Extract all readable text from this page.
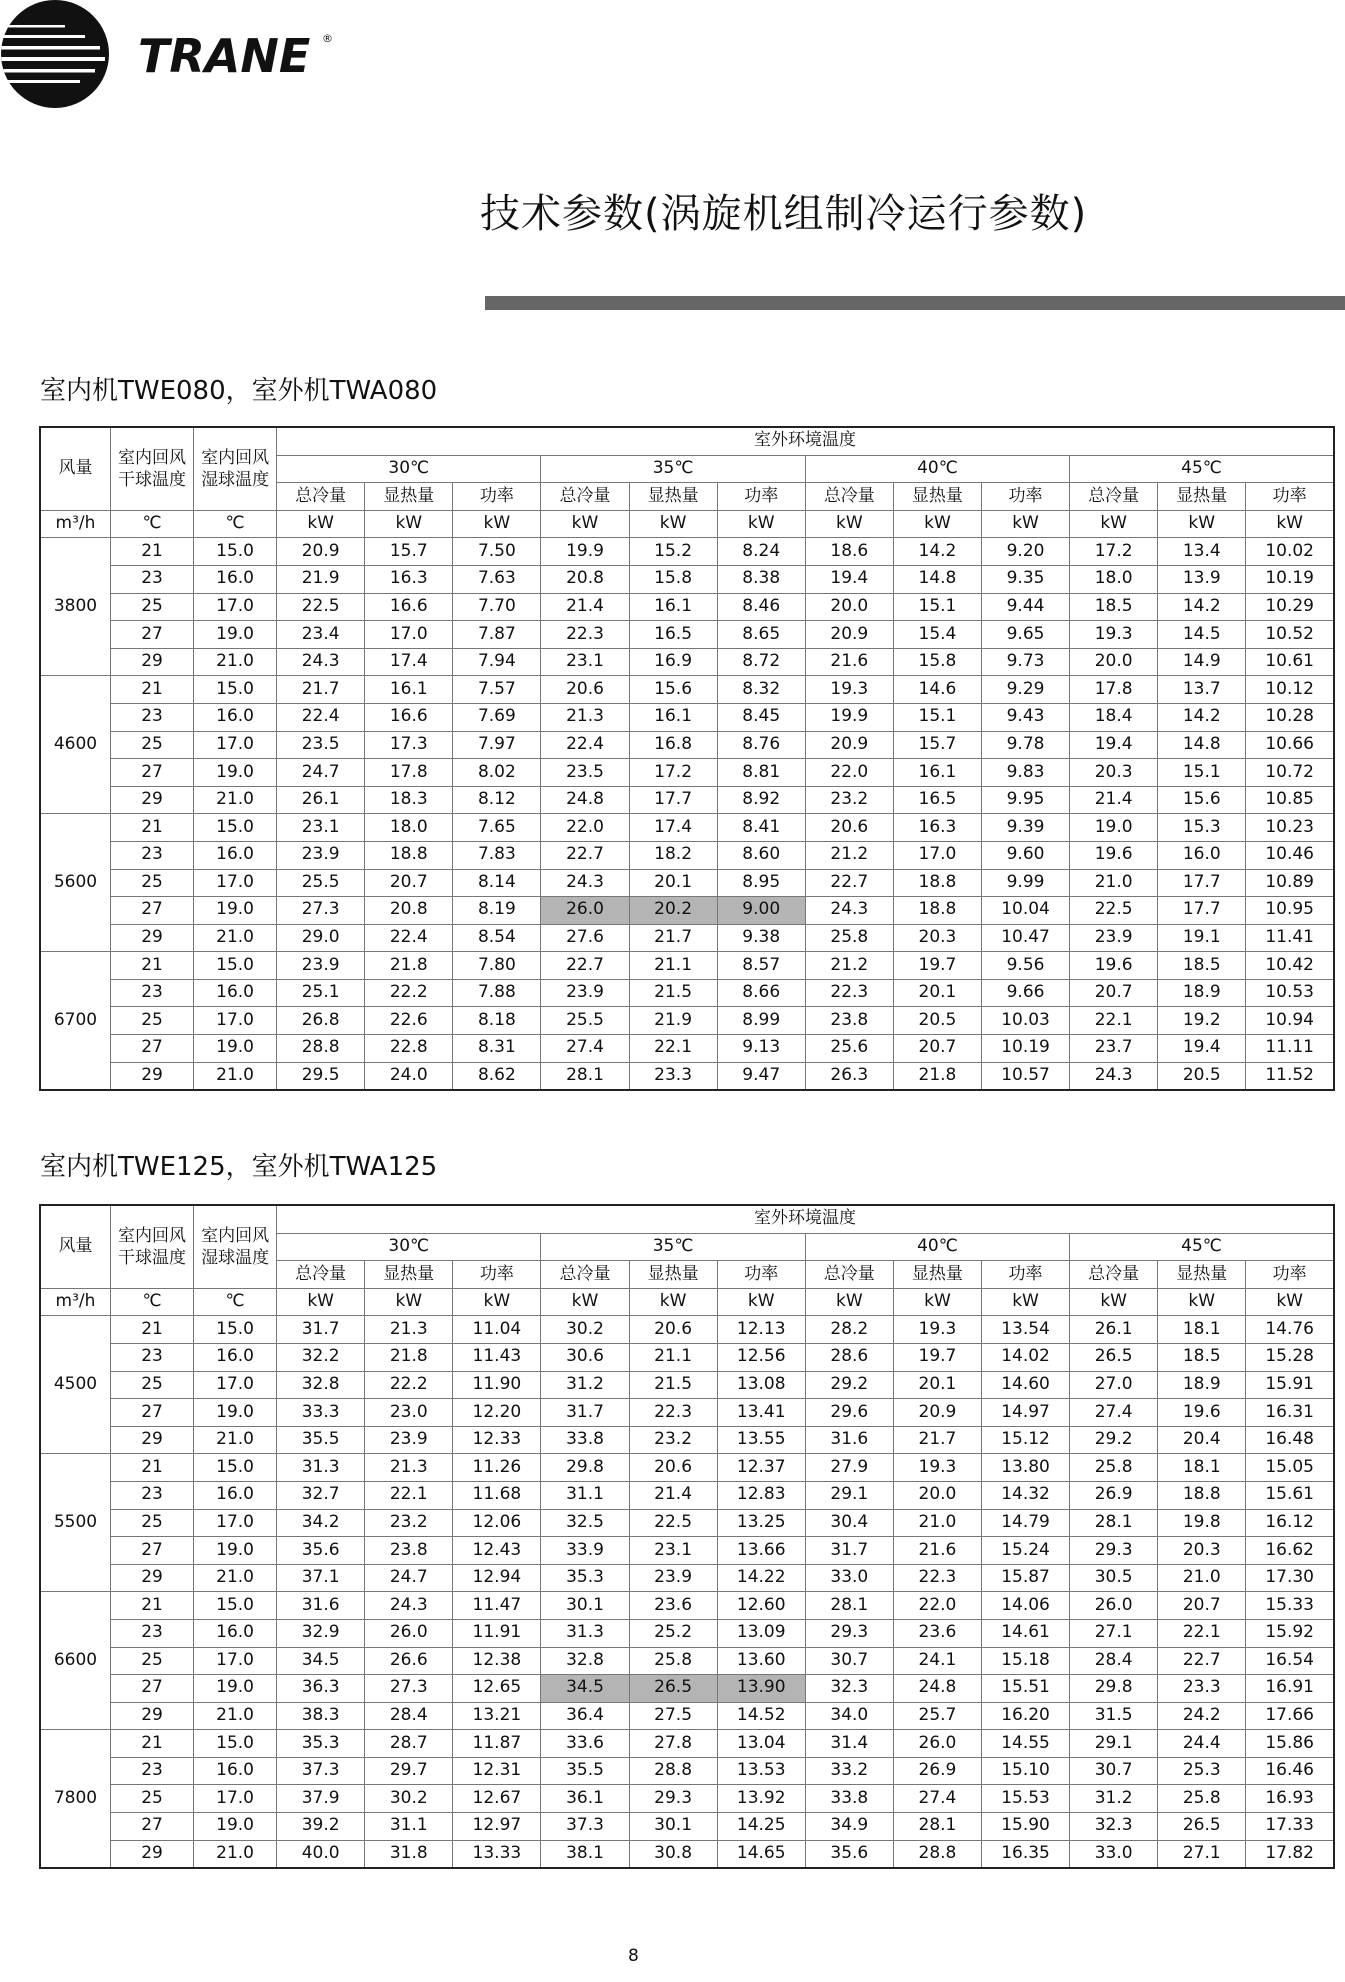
TRANE ®
技术参数(涡旋机组制冷运行参数)
室内机TWE080，室外机TWA080
风量	室内回风干球温度	室内回风湿球温度	室外环境温度											
			30℃			35℃			40℃			45℃		
			总冷量	显热量	功率	总冷量	显热量	功率	总冷量	显热量	功率	总冷量	显热量	功率
m³/h	℃	℃	kW	kW	kW	kW	kW	kW	kW	kW	kW	kW	kW	kW
3800	21	15.0	20.9	15.7	7.50	19.9	15.2	8.24	18.6	14.2	9.20	17.2	13.4	10.02
	23	16.0	21.9	16.3	7.63	20.8	15.8	8.38	19.4	14.8	9.35	18.0	13.9	10.19
	25	17.0	22.5	16.6	7.70	21.4	16.1	8.46	20.0	15.1	9.44	18.5	14.2	10.29
	27	19.0	23.4	17.0	7.87	22.3	16.5	8.65	20.9	15.4	9.65	19.3	14.5	10.52
	29	21.0	24.3	17.4	7.94	23.1	16.9	8.72	21.6	15.8	9.73	20.0	14.9	10.61
4600	21	15.0	21.7	16.1	7.57	20.6	15.6	8.32	19.3	14.6	9.29	17.8	13.7	10.12
	23	16.0	22.4	16.6	7.69	21.3	16.1	8.45	19.9	15.1	9.43	18.4	14.2	10.28
	25	17.0	23.5	17.3	7.97	22.4	16.8	8.76	20.9	15.7	9.78	19.4	14.8	10.66
	27	19.0	24.7	17.8	8.02	23.5	17.2	8.81	22.0	16.1	9.83	20.3	15.1	10.72
	29	21.0	26.1	18.3	8.12	24.8	17.7	8.92	23.2	16.5	9.95	21.4	15.6	10.85
5600	21	15.0	23.1	18.0	7.65	22.0	17.4	8.41	20.6	16.3	9.39	19.0	15.3	10.23
	23	16.0	23.9	18.8	7.83	22.7	18.2	8.60	21.2	17.0	9.60	19.6	16.0	10.46
	25	17.0	25.5	20.7	8.14	24.3	20.1	8.95	22.7	18.8	9.99	21.0	17.7	10.89
	27	19.0	27.3	20.8	8.19	26.0	20.2	9.00	24.3	18.8	10.04	22.5	17.7	10.95
	29	21.0	29.0	22.4	8.54	27.6	21.7	9.38	25.8	20.3	10.47	23.9	19.1	11.41
6700	21	15.0	23.9	21.8	7.80	22.7	21.1	8.57	21.2	19.7	9.56	19.6	18.5	10.42
	23	16.0	25.1	22.2	7.88	23.9	21.5	8.66	22.3	20.1	9.66	20.7	18.9	10.53
	25	17.0	26.8	22.6	8.18	25.5	21.9	8.99	23.8	20.5	10.03	22.1	19.2	10.94
	27	19.0	28.8	22.8	8.31	27.4	22.1	9.13	25.6	20.7	10.19	23.7	19.4	11.11
	29	21.0	29.5	24.0	8.62	28.1	23.3	9.47	26.3	21.8	10.57	24.3	20.5	11.52
室内机TWE125，室外机TWA125
风量	室内回风干球温度	室内回风湿球温度	室外环境温度											
			30℃			35℃			40℃			45℃		
			总冷量	显热量	功率	总冷量	显热量	功率	总冷量	显热量	功率	总冷量	显热量	功率
m³/h	℃	℃	kW	kW	kW	kW	kW	kW	kW	kW	kW	kW	kW	kW
4500	21	15.0	31.7	21.3	11.04	30.2	20.6	12.13	28.2	19.3	13.54	26.1	18.1	14.76
	23	16.0	32.2	21.8	11.43	30.6	21.1	12.56	28.6	19.7	14.02	26.5	18.5	15.28
	25	17.0	32.8	22.2	11.90	31.2	21.5	13.08	29.2	20.1	14.60	27.0	18.9	15.91
	27	19.0	33.3	23.0	12.20	31.7	22.3	13.41	29.6	20.9	14.97	27.4	19.6	16.31
	29	21.0	35.5	23.9	12.33	33.8	23.2	13.55	31.6	21.7	15.12	29.2	20.4	16.48
5500	21	15.0	31.3	21.3	11.26	29.8	20.6	12.37	27.9	19.3	13.80	25.8	18.1	15.05
	23	16.0	32.7	22.1	11.68	31.1	21.4	12.83	29.1	20.0	14.32	26.9	18.8	15.61
	25	17.0	34.2	23.2	12.06	32.5	22.5	13.25	30.4	21.0	14.79	28.1	19.8	16.12
	27	19.0	35.6	23.8	12.43	33.9	23.1	13.66	31.7	21.6	15.24	29.3	20.3	16.62
	29	21.0	37.1	24.7	12.94	35.3	23.9	14.22	33.0	22.3	15.87	30.5	21.0	17.30
6600	21	15.0	31.6	24.3	11.47	30.1	23.6	12.60	28.1	22.0	14.06	26.0	20.7	15.33
	23	16.0	32.9	26.0	11.91	31.3	25.2	13.09	29.3	23.6	14.61	27.1	22.1	15.92
	25	17.0	34.5	26.6	12.38	32.8	25.8	13.60	30.7	24.1	15.18	28.4	22.7	16.54
	27	19.0	36.3	27.3	12.65	34.5	26.5	13.90	32.3	24.8	15.51	29.8	23.3	16.91
	29	21.0	38.3	28.4	13.21	36.4	27.5	14.52	34.0	25.7	16.20	31.5	24.2	17.66
7800	21	15.0	35.3	28.7	11.87	33.6	27.8	13.04	31.4	26.0	14.55	29.1	24.4	15.86
	23	16.0	37.3	29.7	12.31	35.5	28.8	13.53	33.2	26.9	15.10	30.7	25.3	16.46
	25	17.0	37.9	30.2	12.67	36.1	29.3	13.92	33.8	27.4	15.53	31.2	25.8	16.93
	27	19.0	39.2	31.1	12.97	37.3	30.1	14.25	34.9	28.1	15.90	32.3	26.5	17.33
	29	21.0	40.0	31.8	13.33	38.1	30.8	14.65	35.6	28.8	16.35	33.0	27.1	17.82
8
